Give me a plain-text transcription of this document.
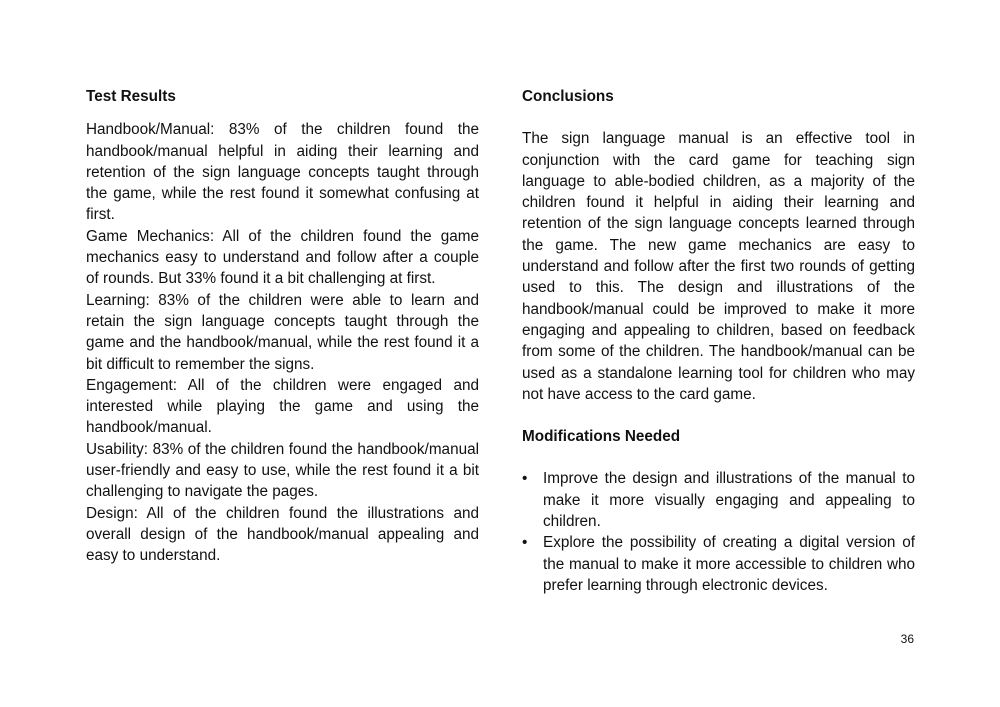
Test Results

Handbook/Manual: 83% of the children found the handbook/manual helpful in aiding their learning and retention of the sign language concepts taught through the game, while the rest found it somewhat confusing at first.

Game Mechanics: All of the children found the game mechanics easy to understand and follow after a couple of rounds. But 33% found it a bit challenging at first.

Learning: 83% of the children were able to learn and retain the sign language concepts taught through the game and the handbook/manual, while the rest found it a bit difficult to remember the signs.

Engagement: All of the children were engaged and interested while playing the game and using the handbook/manual.

Usability: 83% of the children found the handbook/manual user-friendly and easy to use, while the rest found it a bit challenging to navigate the pages.

Design: All of the children found the illustrations and overall design of the handbook/manual appealing and easy to understand.

Conclusions

The sign language manual is an effective tool in conjunction with the card game for teaching sign language to able-bodied children, as a majority of the children found it helpful in aiding their learning and retention of the sign language concepts learned through the game. The new game mechanics are easy to understand and follow after the first two rounds of getting used to this. The design and illustrations of the handbook/manual could be improved to make it more engaging and appealing to children, based on feedback from some of the children. The handbook/manual can be used as a standalone learning tool for children who may not have access to the card game.

Modifications Needed

•	Improve the design and illustrations of the manual to make it more visually engaging and appealing to children.
•	Explore the possibility of creating a digital version of the manual to make it more accessible to children who prefer learning through electronic devices.
36
